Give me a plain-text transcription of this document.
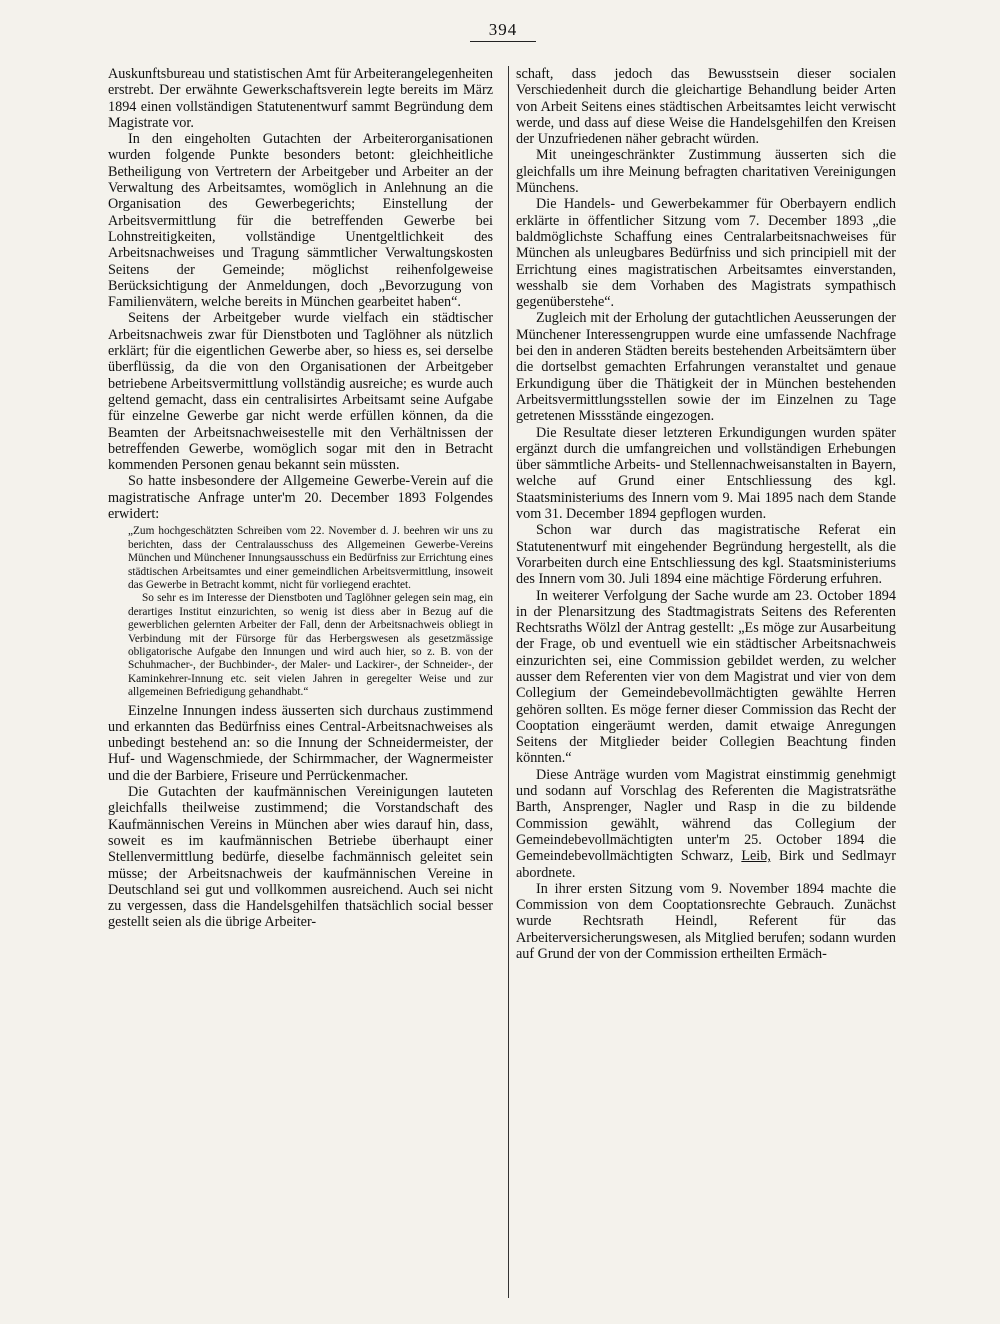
394

Auskunftsbureau und statistischen Amt für Arbeiterangelegenheiten erstrebt. Der erwähnte Gewerkschaftsverein legte bereits im März 1894 einen vollständigen Statutenentwurf sammt Begründung dem Magistrate vor.

In den eingeholten Gutachten der Arbeiterorganisationen wurden folgende Punkte besonders betont: gleichheitliche Betheiligung von Vertretern der Arbeitgeber und Arbeiter an der Verwaltung des Arbeitsamtes, womöglich in Anlehnung an die Organisation des Gewerbegerichts; Einstellung der Arbeitsvermittlung für die betreffenden Gewerbe bei Lohnstreitigkeiten, vollständige Unentgeltlichkeit des Arbeitsnachweises und Tragung sämmtlicher Verwaltungskosten Seitens der Gemeinde; möglichst reihenfolgeweise Berücksichtigung der Anmeldungen, doch „Bevorzugung von Familienvätern, welche bereits in München gearbeitet haben“.

Seitens der Arbeitgeber wurde vielfach ein städtischer Arbeitsnachweis zwar für Dienstboten und Taglöhner als nützlich erklärt; für die eigentlichen Gewerbe aber, so hiess es, sei derselbe überflüssig, da die von den Organisationen der Arbeitgeber betriebene Arbeitsvermittlung vollständig ausreiche; es wurde auch geltend gemacht, dass ein centralisirtes Arbeitsamt seine Aufgabe für einzelne Gewerbe gar nicht werde erfüllen können, da die Beamten der Arbeitsnachweisestelle mit den Verhältnissen der betreffenden Gewerbe, womöglich sogar mit den in Betracht kommenden Personen genau bekannt sein müssten.

So hatte insbesondere der Allgemeine Gewerbe-Verein auf die magistratische Anfrage unter'm 20. December 1893 Folgendes erwidert:

„Zum hochgeschätzten Schreiben vom 22. November d. J. beehren wir uns zu berichten, dass der Centralausschuss des Allgemeinen Gewerbe-Vereins München und Münchener Innungsausschuss ein Bedürfniss zur Errichtung eines städtischen Arbeitsamtes und einer gemeindlichen Arbeitsvermittlung, insoweit das Gewerbe in Betracht kommt, nicht für vorliegend erachtet.

So sehr es im Interesse der Dienstboten und Taglöhner gelegen sein mag, ein derartiges Institut einzurichten, so wenig ist diess aber in Bezug auf die gewerblichen gelernten Arbeiter der Fall, denn der Arbeitsnachweis obliegt in Verbindung mit der Fürsorge für das Herbergswesen als gesetzmässige obligatorische Aufgabe den Innungen und wird auch hier, so z. B. von der Schuhmacher-, der Buchbinder-, der Maler- und Lackirer-, der Schneider-, der Kaminkehrer-Innung etc. seit vielen Jahren in geregelter Weise und zur allgemeinen Befriedigung gehandhabt.“

Einzelne Innungen indess äusserten sich durchaus zustimmend und erkannten das Bedürfniss eines Central-Arbeitsnachweises als unbedingt bestehend an: so die Innung der Schneidermeister, der Huf- und Wagenschmiede, der Schirmmacher, der Wagnermeister und die der Barbiere, Friseure und Perrückenmacher.

Die Gutachten der kaufmännischen Vereinigungen lauteten gleichfalls theilweise zustimmend; die Vorstandschaft des Kaufmännischen Vereins in München aber wies darauf hin, dass, soweit es im kaufmännischen Betriebe überhaupt einer Stellenvermittlung bedürfe, dieselbe fachmännisch geleitet sein müsse; der Arbeitsnachweis der kaufmännischen Vereine in Deutschland sei gut und vollkommen ausreichend. Auch sei nicht zu vergessen, dass die Handelsgehilfen thatsächlich social besser gestellt seien als die übrige Arbeiter-

schaft, dass jedoch das Bewusstsein dieser socialen Verschiedenheit durch die gleichartige Behandlung beider Arten von Arbeit Seitens eines städtischen Arbeitsamtes leicht verwischt werde, und dass auf diese Weise die Handelsgehilfen den Kreisen der Unzufriedenen näher gebracht würden.

Mit uneingeschränkter Zustimmung äusserten sich die gleichfalls um ihre Meinung befragten charitativen Vereinigungen Münchens.

Die Handels- und Gewerbekammer für Oberbayern endlich erklärte in öffentlicher Sitzung vom 7. December 1893 „die baldmöglichste Schaffung eines Centralarbeitsnachweises für München als unleugbares Bedürfniss und sich principiell mit der Errichtung eines magistratischen Arbeitsamtes einverstanden, wesshalb sie dem Vorhaben des Magistrats sympathisch gegenüberstehe“.

Zugleich mit der Erholung der gutachtlichen Aeusserungen der Münchener Interessengruppen wurde eine umfassende Nachfrage bei den in anderen Städten bereits bestehenden Arbeitsämtern über die dortselbst gemachten Erfahrungen veranstaltet und genaue Erkundigung über die Thätigkeit der in München bestehenden Arbeitsvermittlungsstellen sowie der im Einzelnen zu Tage getretenen Missstände eingezogen.

Die Resultate dieser letzteren Erkundigungen wurden später ergänzt durch die umfangreichen und vollständigen Erhebungen über sämmtliche Arbeits- und Stellennachweisanstalten in Bayern, welche auf Grund einer Entschliessung des kgl. Staatsministeriums des Innern vom 9. Mai 1895 nach dem Stande vom 31. December 1894 gepflogen wurden.

Schon war durch das magistratische Referat ein Statutenentwurf mit eingehender Begründung hergestellt, als die Vorarbeiten durch eine Entschliessung des kgl. Staatsministeriums des Innern vom 30. Juli 1894 eine mächtige Förderung erfuhren.

In weiterer Verfolgung der Sache wurde am 23. October 1894 in der Plenarsitzung des Stadtmagistrats Seitens des Referenten Rechtsraths Wölzl der Antrag gestellt: „Es möge zur Ausarbeitung der Frage, ob und eventuell wie ein städtischer Arbeitsnachweis einzurichten sei, eine Commission gebildet werden, zu welcher ausser dem Referenten vier von dem Magistrat und vier von dem Collegium der Gemeindebevollmächtigten gewählte Herren gehören sollten. Es möge ferner dieser Commission das Recht der Cooptation eingeräumt werden, damit etwaige Anregungen Seitens der Mitglieder beider Collegien Beachtung finden könnten.“

Diese Anträge wurden vom Magistrat einstimmig genehmigt und sodann auf Vorschlag des Referenten die Magistratsräthe Barth, Ansprenger, Nagler und Rasp in die zu bildende Commission gewählt, während das Collegium der Gemeindebevollmächtigten unter'm 25. October 1894 die Gemeindebevollmächtigten Schwarz, Leib, Birk und Sedlmayr abordnete.

In ihrer ersten Sitzung vom 9. November 1894 machte die Commission von dem Cooptationsrechte Gebrauch. Zunächst wurde Rechtsrath Heindl, Referent für das Arbeiterversicherungswesen, als Mitglied berufen; sodann wurden auf Grund der von der Commission ertheilten Ermäch-
